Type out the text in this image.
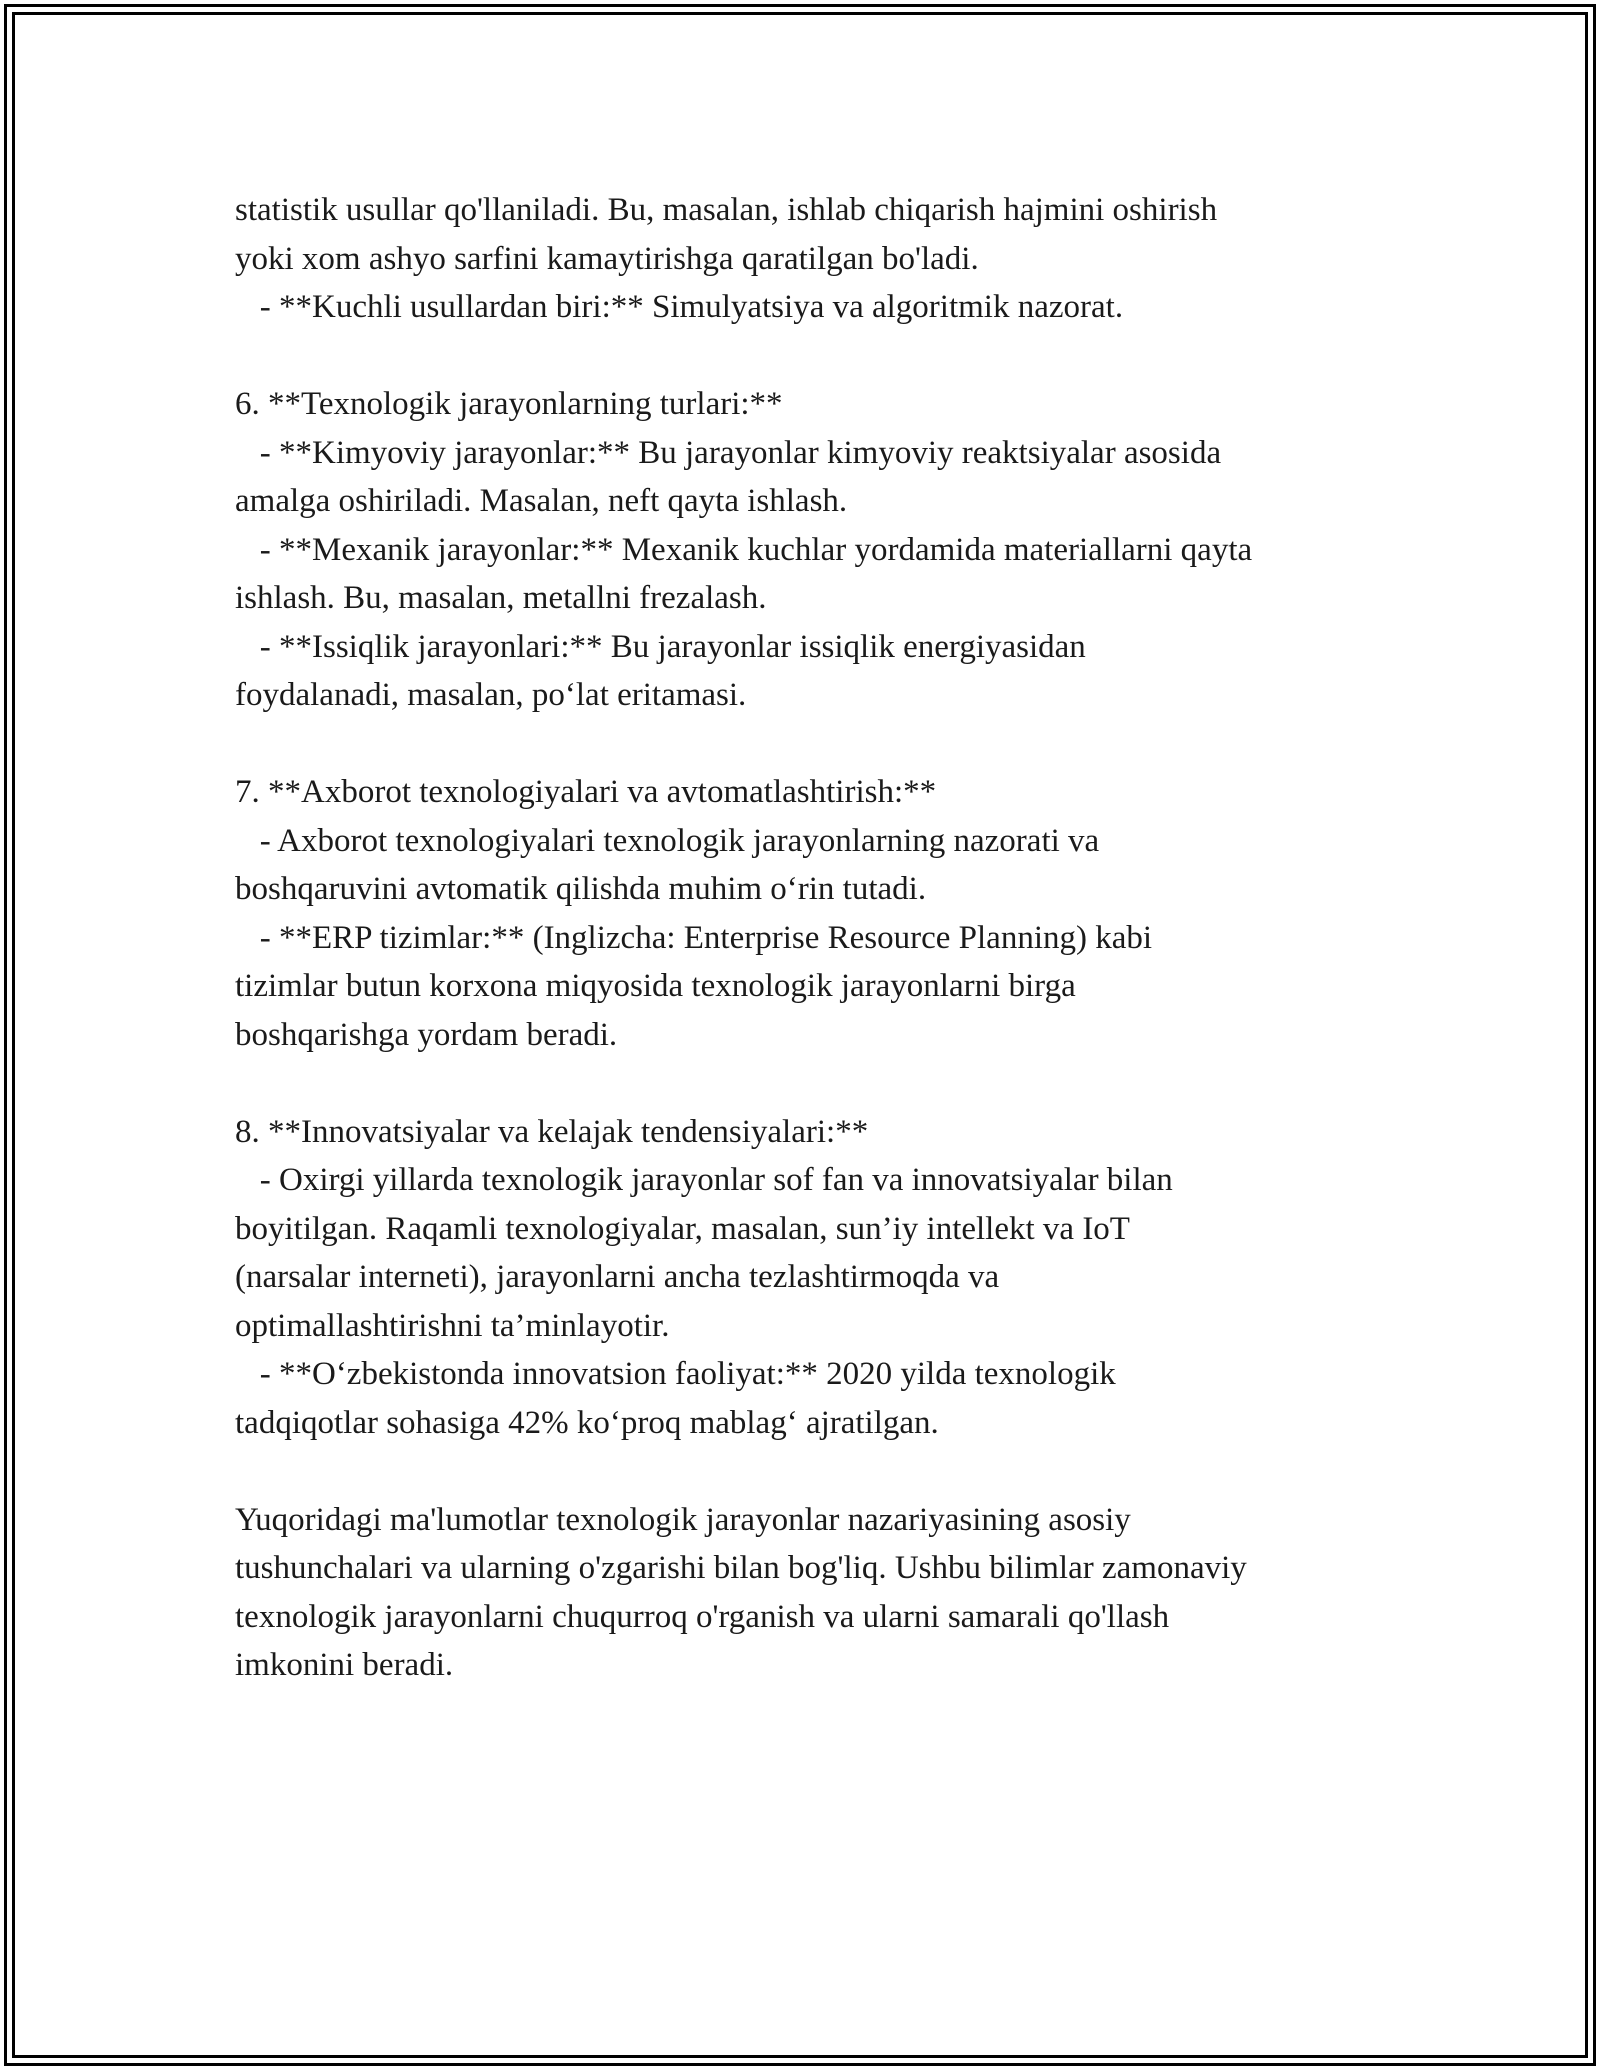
statistik usullar qo'llaniladi. Bu, masalan, ishlab chiqarish hajmini oshirish

yoki xom ashyo sarfini kamaytirishga qaratilgan bo'ladi.

- **Kuchli usullardan biri:** Simulyatsiya va algoritmik nazorat.

6. **Texnologik jarayonlarning turlari:**

- **Kimyoviy jarayonlar:** Bu jarayonlar kimyoviy reaktsiyalar asosida

amalga oshiriladi. Masalan, neft qayta ishlash.

- **Mexanik jarayonlar:** Mexanik kuchlar yordamida materiallarni qayta

ishlash. Bu, masalan, metallni frezalash.

- **Issiqlik jarayonlari:** Bu jarayonlar issiqlik energiyasidan

foydalanadi, masalan, po‘lat eritamasi.

7. **Axborot texnologiyalari va avtomatlashtirish:**

- Axborot texnologiyalari texnologik jarayonlarning nazorati va

boshqaruvini avtomatik qilishda muhim o‘rin tutadi.

- **ERP tizimlar:** (Inglizcha: Enterprise Resource Planning) kabi

tizimlar butun korxona miqyosida texnologik jarayonlarni birga

boshqarishga yordam beradi.

8. **Innovatsiyalar va kelajak tendensiyalari:**

- Oxirgi yillarda texnologik jarayonlar sof fan va innovatsiyalar bilan

boyitilgan. Raqamli texnologiyalar, masalan, sun’iy intellekt va IoT

(narsalar interneti), jarayonlarni ancha tezlashtirmoqda va

optimallashtirishni ta’minlayotir.

- **O‘zbekistonda innovatsion faoliyat:** 2020 yilda texnologik

tadqiqotlar sohasiga 42% ko‘proq mablag‘ ajratilgan.

Yuqoridagi ma'lumotlar texnologik jarayonlar nazariyasining asosiy

tushunchalari va ularning o'zgarishi bilan bog'liq. Ushbu bilimlar zamonaviy

texnologik jarayonlarni chuqurroq o'rganish va ularni samarali qo'llash

imkonini beradi.
